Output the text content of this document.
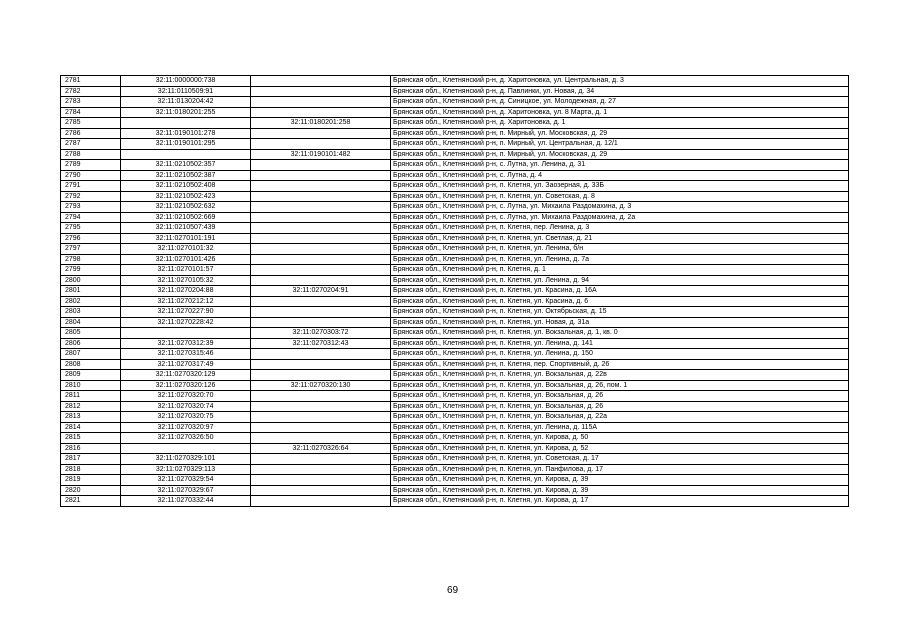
2781	32:11:0000000:738		Брянская обл., Клетнянский р-н, д. Харитоновка, ул. Центральная, д. 3
2782	32:11:0110509:91		Брянская обл., Клетнянский р-н, д. Павлинки, ул. Новая, д. 34
2783	32:11:0130204:42		Брянская обл., Клетнянский р-н, д. Синицкое, ул. Молодежная, д. 27
2784	32:11:0180201:255		Брянская обл., Клетнянский р-н, д. Харитоновка, ул. 8 Марта, д. 1
2785		32:11:0180201:258	Брянская обл., Клетнянский р-н, д. Харитоновка, д. 1
2786	32:11:0190101:278		Брянская обл., Клетнянский р-н, п. Мирный, ул. Московская, д. 29
2787	32:11:0190101:295		Брянская обл., Клетнянский р-н, п. Мирный, ул. Центральная, д. 12/1
2788		32:11:0190101:482	Брянская обл., Клетнянский р-н, п. Мирный, ул. Московская, д. 29
2789	32:11:0210502:357		Брянская обл., Клетнянский р-н, с. Лутна, ул. Ленина, д. 31
2790	32:11:0210502:387		Брянская обл., Клетнянский р-н, с. Лутна, д. 4
2791	32:11:0210502:408		Брянская обл., Клетнянский р-н, п. Клетня, ул. Заозерная, д. 33Б
2792	32:11:0210502:423		Брянская обл., Клетнянский р-н, п. Клетня, ул. Советская, д. 8
2793	32:11:0210502:632		Брянская обл., Клетнянский р-н, с. Лутна, ул. Михаила Раздомахина, д. 3
2794	32:11:0210502:669		Брянская обл., Клетнянский р-н, с. Лутна, ул. Михаила Раздомахина, д. 2а
2795	32:11:0210507:439		Брянская обл., Клетнянский р-н, п. Клетня, пер. Ленина, д. 3
2796	32:11:0270101:191		Брянская обл., Клетнянский р-н, п. Клетня, ул. Светлая, д. 21
2797	32:11:0270101:32		Брянская обл., Клетнянский р-н, п. Клетня, ул. Ленина, б/н
2798	32:11:0270101:426		Брянская обл., Клетнянский р-н, п. Клетня, ул. Ленина, д. 7а
2799	32:11:0270101:57		Брянская обл., Клетнянский р-н, п. Клетня, д. 1
2800	32:11:0270105:32		Брянская обл., Клетнянский р-н, п. Клетня, ул. Ленина, д. 94
2801	32:11:0270204:88	32:11:0270204:91	Брянская обл., Клетнянский р-н, п. Клетня, ул. Красина, д. 16А
2802	32:11:0270212:12		Брянская обл., Клетнянский р-н, п. Клетня, ул. Красина, д. 6
2803	32:11:0270227:90		Брянская обл., Клетнянский р-н, п. Клетня, ул. Октябрьская, д. 15
2804	32:11:0270228:42		Брянская обл., Клетнянский р-н, п. Клетня, ул. Новая, д. 31а
2805		32:11:0270303:72	Брянская обл., Клетнянский р-н, п. Клетня, ул. Вокзальная, д. 1, кв. 0
2806	32:11:0270312:39	32:11:0270312:43	Брянская обл., Клетнянский р-н, п. Клетня, ул. Ленина, д. 141
2807	32:11:0270315:46		Брянская обл., Клетнянский р-н, п. Клетня, ул. Ленина, д. 150
2808	32:11:0270317:49		Брянская обл., Клетнянский р-н, п. Клетня, пер. Спортивный, д. 26
2809	32:11:0270320:129		Брянская обл., Клетнянский р-н, п. Клетня, ул. Вокзальная, д. 22в
2810	32:11:0270320:126	32:11:0270320:130	Брянская обл., Клетнянский р-н, п. Клетня, ул. Вокзальная, д. 26, пом. 1
2811	32:11:0270320:70		Брянская обл., Клетнянский р-н, п. Клетня, ул. Вокзальная, д. 26
2812	32:11:0270320:74		Брянская обл., Клетнянский р-н, п. Клетня, ул. Вокзальная, д. 26
2813	32:11:0270320:75		Брянская обл., Клетнянский р-н, п. Клетня, ул. Вокзальная, д. 22а
2814	32:11:0270320:97		Брянская обл., Клетнянский р-н, п. Клетня, ул. Ленина, д. 115А
2815	32:11:0270326:50		Брянская обл., Клетнянский р-н, п. Клетня, ул. Кирова, д. 50
2816		32:11:0270326:64	Брянская обл., Клетнянский р-н, п. Клетня, ул. Кирова, д. 52
2817	32:11:0270329:101		Брянская обл., Клетнянский р-н, п. Клетня, ул. Советская, д. 17
2818	32:11:0270329:113		Брянская обл., Клетнянский р-н, п. Клетня, ул. Панфилова, д. 17
2819	32:11:0270329:54		Брянская обл., Клетнянский р-н, п. Клетня, ул. Кирова, д. 39
2820	32:11:0270329:67		Брянская обл., Клетнянский р-н, п. Клетня, ул. Кирова, д. 39
2821	32:11:0270332:44		Брянская обл., Клетнянский р-н, п. Клетня, ул. Кирова, д. 17
69
